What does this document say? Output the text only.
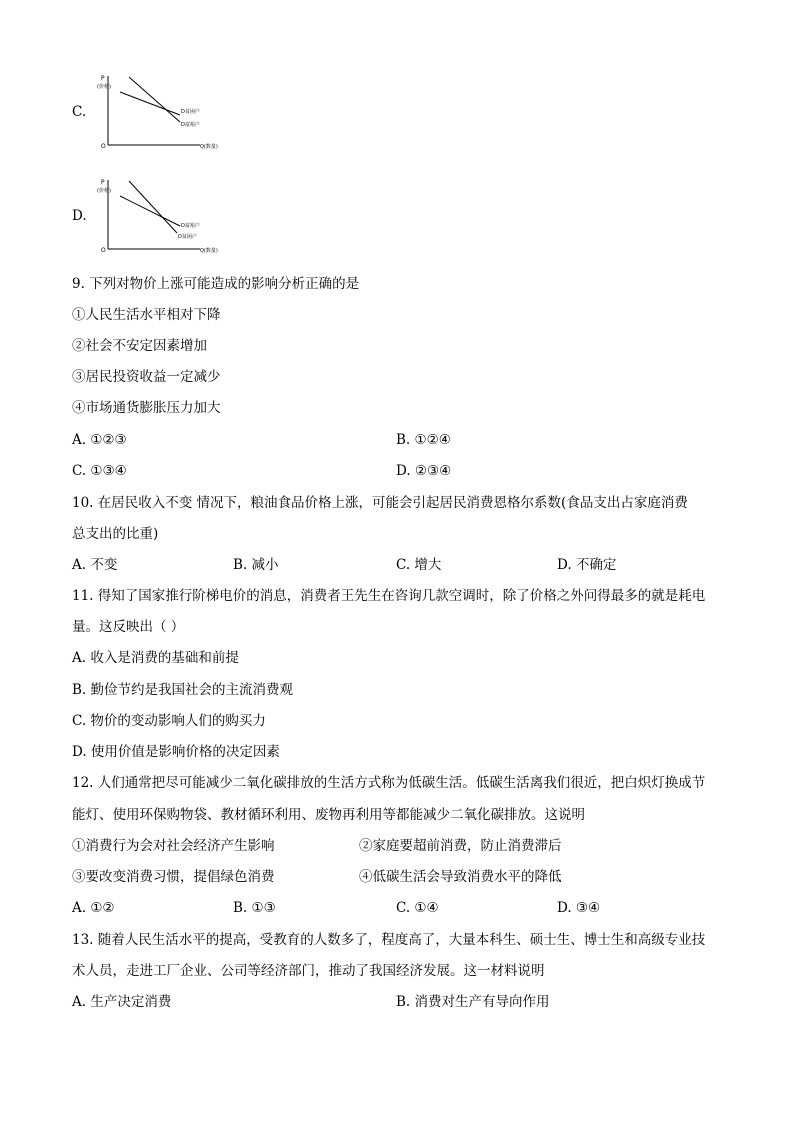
C.
P
(价格)
O	Q(数量)
D富裕户
D贫困户
D.
P
(价格)
O	Q(数量)
D贫困户
D富裕户
9. 下列对物价上涨可能造成的影响分析正确的是
①人民生活水平相对下降
②社会不安定因素增加
③居民投资收益一定减少
④市场通货膨胀压力加大
A. ①②③	B. ①②④
C. ①③④	D. ②③④
10. 在居民收入不变 情况下，粮油食品价格上涨，可能会引起居民消费恩格尔系数(食品支出占家庭消费
总支出的比重)
A. 不变	B. 减小	C. 增大	D. 不确定
11. 得知了国家推行阶梯电价的消息，消费者王先生在咨询几款空调时，除了价格之外问得最多的就是耗电
量。这反映出（ ）
A. 收入是消费的基础和前提
B. 勤俭节约是我国社会的主流消费观
C. 物价的变动影响人们的购买力
D. 使用价值是影响价格的决定因素
12. 人们通常把尽可能减少二氧化碳排放的生活方式称为低碳生活。低碳生活离我们很近，把白炽灯换成节
能灯、使用环保购物袋、教材循环利用、废物再利用等都能减少二氧化碳排放。这说明
①消费行为会对社会经济产生影响	②家庭要超前消费，防止消费滞后
③要改变消费习惯，提倡绿色消费	④低碳生活会导致消费水平的降低
A. ①②	B. ①③	C. ①④	D. ③④
13. 随着人民生活水平的提高，受教育的人数多了，程度高了，大量本科生、硕士生、博士生和高级专业技
术人员，走进工厂企业、公司等经济部门，推动了我国经济发展。这一材料说明
A. 生产决定消费	B. 消费对生产有导向作用
